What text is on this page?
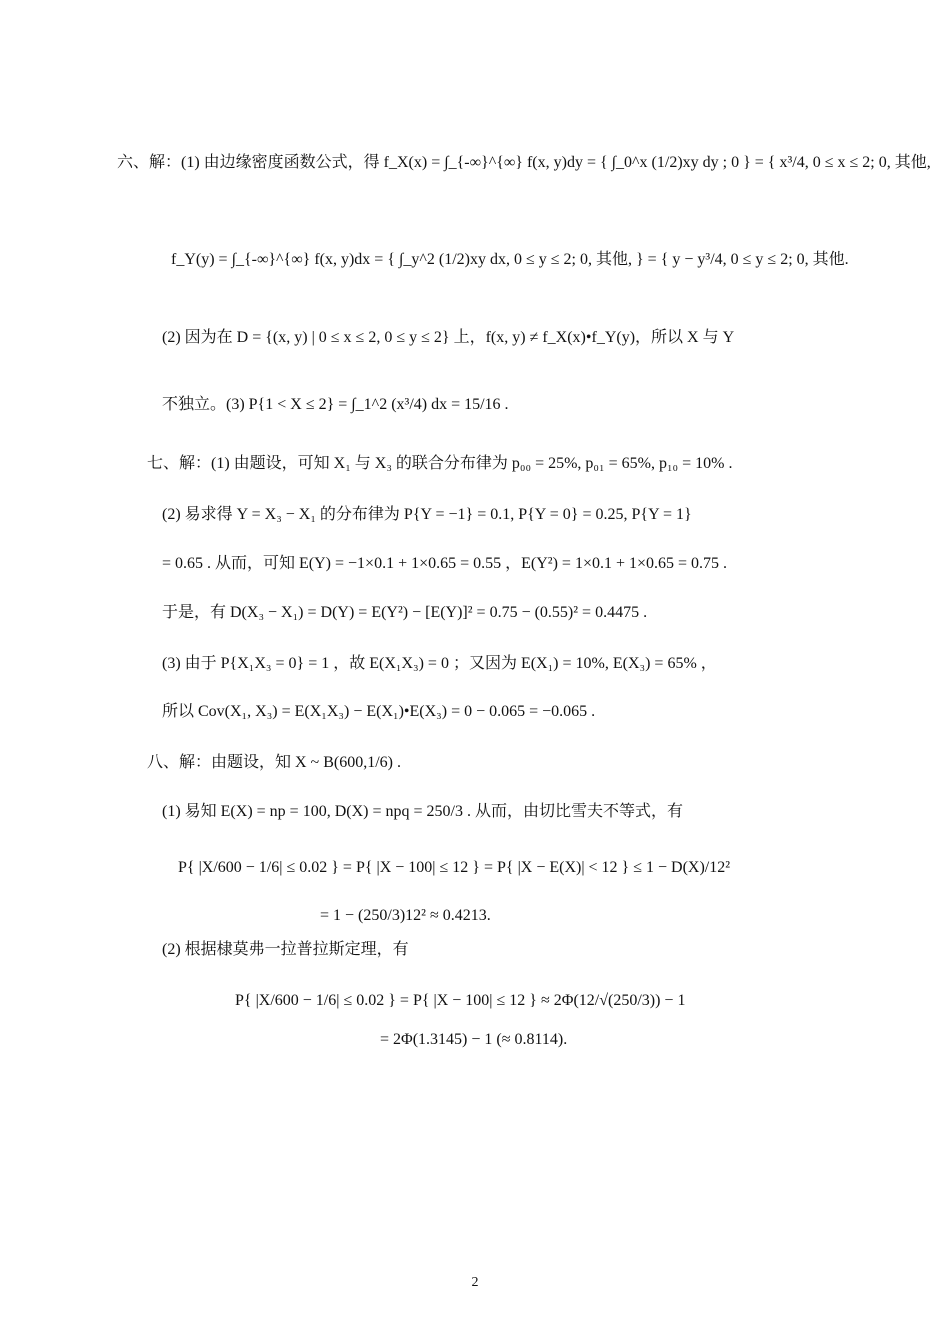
六、解：(1) 由边缘密度函数公式，得 f_X(x) = ∫_{-∞}^{∞} f(x, y)dy = { ∫_0^x (1/2)xy dy ; 0 } = { x³/4, 0 ≤ x ≤ 2; 0, 其他,
f_Y(y) = ∫_{-∞}^{∞} f(x, y)dx = { ∫_y^2 (1/2)xy dx, 0 ≤ y ≤ 2; 0, 其他, } = { y − y³/4, 0 ≤ y ≤ 2; 0, 其他.
(2) 因为在 D = {(x, y) | 0 ≤ x ≤ 2, 0 ≤ y ≤ 2} 上，f(x, y) ≠ f_X(x)•f_Y(y)，所以 X 与 Y
不独立。(3) P{1 < X ≤ 2} = ∫_1^2 (x³/4) dx = 15/16 .
七、解：(1) 由题设，可知 X₁ 与 X₃ 的联合分布律为 p₀₀ = 25%, p₀₁ = 65%, p₁₀ = 10% .
(2) 易求得 Y = X₃ − X₁ 的分布律为 P{Y = −1} = 0.1, P{Y = 0} = 0.25, P{Y = 1}
= 0.65 . 从而，可知 E(Y) = −1×0.1 + 1×0.65 = 0.55 ，E(Y²) = 1×0.1 + 1×0.65 = 0.75 .
于是，有 D(X₃ − X₁) = D(Y) = E(Y²) − [E(Y)]² = 0.75 − (0.55)² = 0.4475 .
(3) 由于 P{X₁X₃ = 0} = 1 ，故 E(X₁X₃) = 0 ；又因为 E(X₁) = 10%, E(X₃) = 65% ，
所以 Cov(X₁, X₃) = E(X₁X₃) − E(X₁)•E(X₃) = 0 − 0.065 = −0.065 .
八、解：由题设，知 X ~ B(600,1/6) .
(1) 易知 E(X) = np = 100, D(X) = npq = 250/3 . 从而，由切比雪夫不等式，有
P{ |X/600 − 1/6| ≤ 0.02 } = P{ |X − 100| ≤ 12 } = P{ |X − E(X)| < 12 } ≤ 1 − D(X)/12²
= 1 − (250/3)12² ≈ 0.4213.
(2) 根据棣莫弗一拉普拉斯定理，有
P{ |X/600 − 1/6| ≤ 0.02 } = P{ |X − 100| ≤ 12 } ≈ 2Φ(12/√(250/3)) − 1
= 2Φ(1.3145) − 1 (≈ 0.8114).
2
